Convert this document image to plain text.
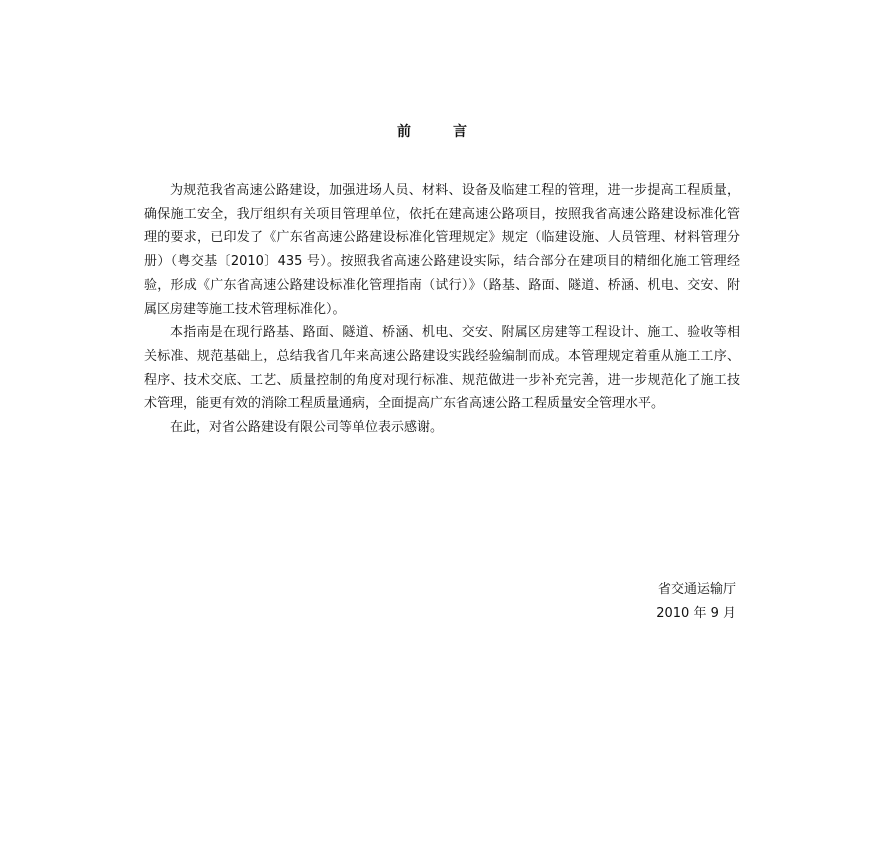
前　言

为规范我省高速公路建设，加强进场人员、材料、设备及临建工程的管理，进一步提高工程质量，确保施工安全，我厅组织有关项目管理单位，依托在建高速公路项目，按照我省高速公路建设标准化管理的要求，已印发了《广东省高速公路建设标准化管理规定》规定（临建设施、人员管理、材料管理分册）（粤交基〔2010〕435 号）。按照我省高速公路建设实际，结合部分在建项目的精细化施工管理经验，形成《广东省高速公路建设标准化管理指南（试行）》（路基、路面、隧道、桥涵、机电、交安、附属区房建等施工技术管理标准化）。

本指南是在现行路基、路面、隧道、桥涵、机电、交安、附属区房建等工程设计、施工、验收等相关标准、规范基础上，总结我省几年来高速公路建设实践经验编制而成。本管理规定着重从施工工序、程序、技术交底、工艺、质量控制的角度对现行标准、规范做进一步补充完善，进一步规范化了施工技术管理，能更有效的消除工程质量通病，全面提高广东省高速公路工程质量安全管理水平。

在此，对省公路建设有限公司等单位表示感谢。

省交通运输厅
2010 年 9 月
